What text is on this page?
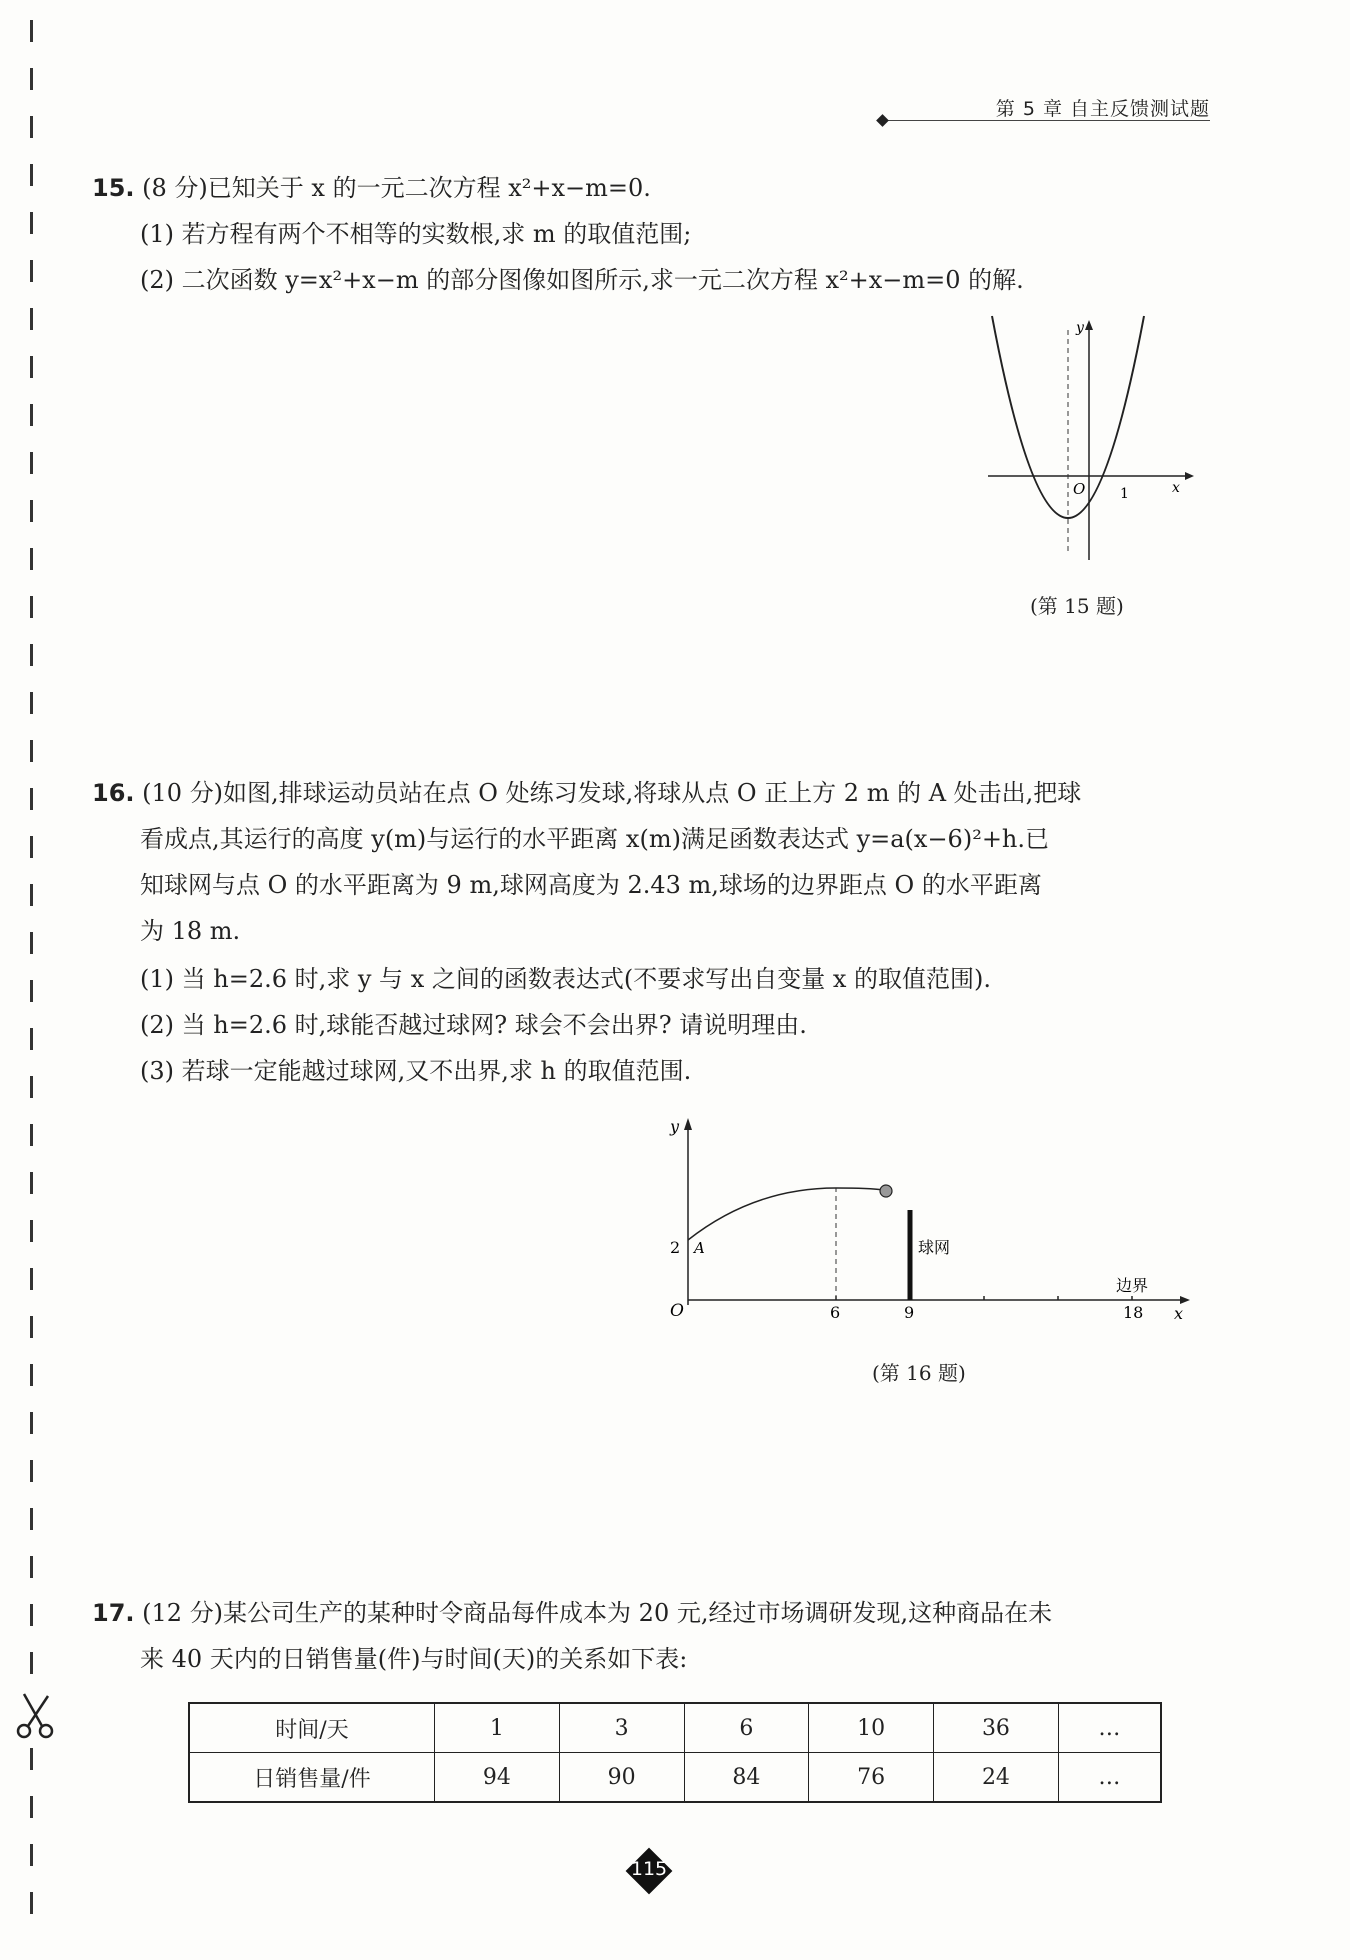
第 5 章 自主反馈测试题
15. (8 分)已知关于 x 的一元二次方程 x²+x−m=0.
(1) 若方程有两个不相等的实数根,求 m 的取值范围;
(2) 二次函数 y=x²+x−m 的部分图像如图所示,求一元二次方程 x²+x−m=0 的解.
y
x
O 1
(第 15 题)
16. (10 分)如图,排球运动员站在点 O 处练习发球,将球从点 O 正上方 2 m 的 A 处击出,把球
看成点,其运行的高度 y(m)与运行的水平距离 x(m)满足函数表达式 y=a(x−6)²+h.已
知球网与点 O 的水平距离为 9 m,球网高度为 2.43 m,球场的边界距点 O 的水平距离
为 18 m.
(1) 当 h=2.6 时,求 y 与 x 之间的函数表达式(不要求写出自变量 x 的取值范围).
(2) 当 h=2.6 时,球能否越过球网? 球会不会出界? 请说明理由.
(3) 若球一定能越过球网,又不出界,求 h 的取值范围.
y
x
O
2 A
6	9	18
球网
边界
(第 16 题)
17. (12 分)某公司生产的某种时令商品每件成本为 20 元,经过市场调研发现,这种商品在未
来 40 天内的日销售量(件)与时间(天)的关系如下表:
时间/天	1	3	6	10	36	…
日销售量/件	94	90	84	76	24	…
115
